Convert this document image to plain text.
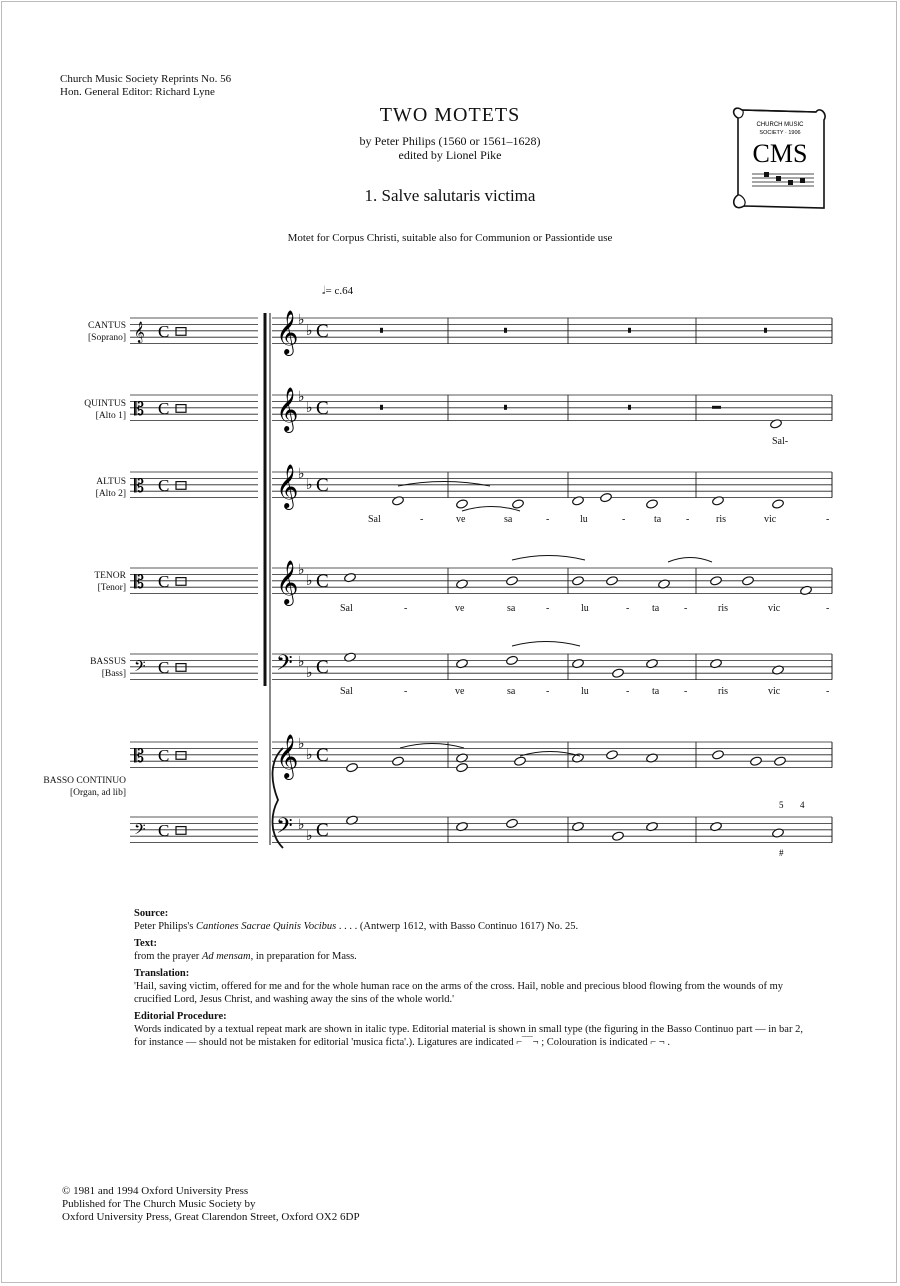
Church Music Society Reprints No. 56
Hon. General Editor: Richard Lyne
TWO MOTETS
by Peter Philips (1560 or 1561–1628)
edited by Lionel Pike
1. Salve salutaris victima
Motet for Corpus Christi, suitable also for Communion or Passiontide use
CHURCH MUSIC
SOCIETY · 1906
CMS
𝅗𝅥= c.64
CANTUS
[Soprano]
QUINTUS
[Alto 1]
ALTUS
[Alto 2]
TENOR
[Tenor]
BASSUS
[Bass]
BASSO CONTINUO
[Organ, ad lib]
𝄞 ♭
♭ C
𝄞 C
𝄞 ♭
♭ C
𝄡 C
𝄞 ♭
♭ C
𝄡 C
𝄞 ♭
♭ C
𝄡 C
𝄢 ♭
♭ C
𝄢 C
𝄞 ♭
♭ C
𝄡 C
𝄢 ♭
♭ C
𝄢 C
5 4
#
Sal-
Sal	-	ve	sa	-	lu	-	ta -	ris	vic	-
Sal	-	ve	sa	-	lu	- ta -	ris	vic	-
Sal	-	ve	sa	-	lu	- ta -	ris	vic	-

Source:
Peter Philips's Cantiones Sacrae Quinis Vocibus . . . . (Antwerp 1612, with Basso Continuo 1617) No. 25.

Text:
from the prayer Ad mensam, in preparation for Mass.

Translation:
'Hail, saving victim, offered for me and for the whole human race on the arms of the cross. Hail, noble and precious blood flowing from the wounds of my crucified Lord, Jesus Christ, and washing away the sins of the whole world.'

Editorial Procedure:
Words indicated by a textual repeat mark are shown in italic type. Editorial material is shown in small type (the figuring in the Basso Continuo part — in bar 2, for instance — should not be mistaken for editorial 'musica ficta'.). Ligatures are indicated ⌐‾‾‾¬ ; Colouration is indicated ⌐ ¬ .

© 1981 and 1994 Oxford University Press
Published for The Church Music Society by
Oxford University Press, Great Clarendon Street, Oxford OX2 6DP
